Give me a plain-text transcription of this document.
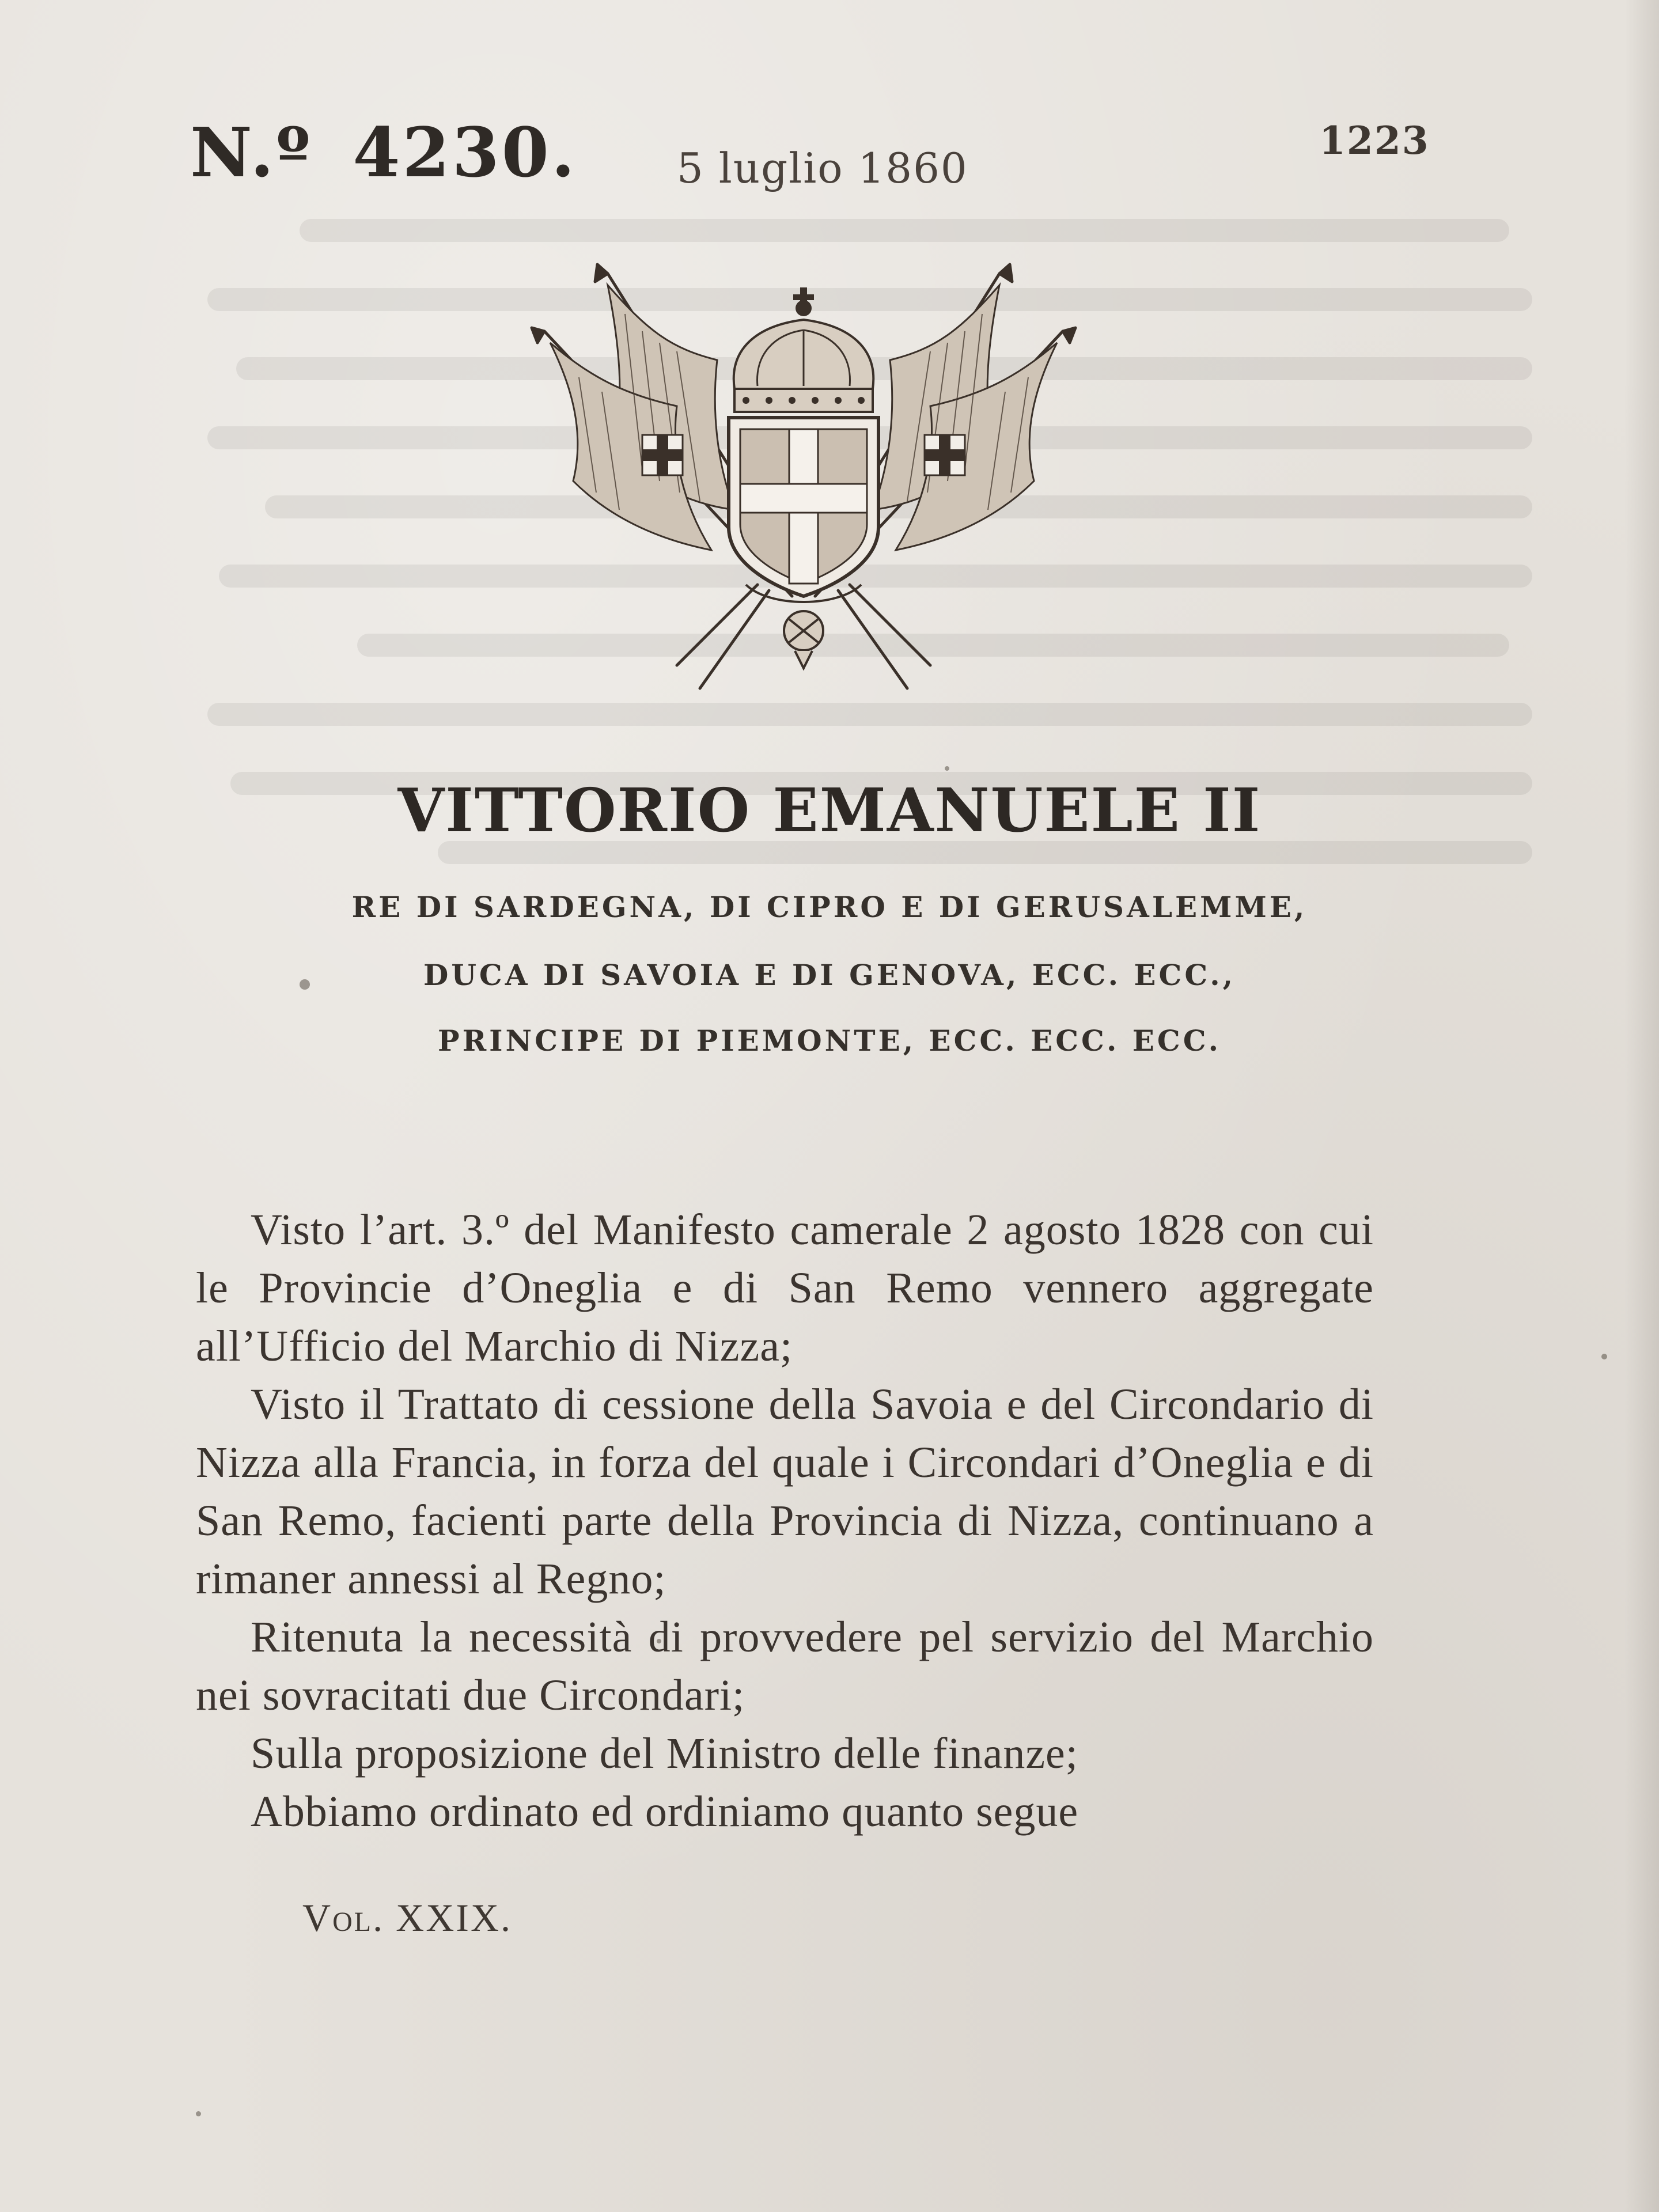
N.º 4230. 5 luglio 1860
1223
VITTORIO EMANUELE II
RE DI SARDEGNA, DI CIPRO E DI GERUSALEMME,
DUCA DI SAVOIA E DI GENOVA, ECC. ECC.,
PRINCIPE DI PIEMONTE, ECC. ECC. ECC.

Visto l’art. 3.º del Manifesto camerale 2 agosto 1828 con cui le Provincie d’Oneglia e di San Remo vennero aggregate all’Ufficio del Marchio di Nizza;

Visto il Trattato di cessione della Savoia e del Circondario di Nizza alla Francia, in forza del quale i Circondari d’Oneglia e di San Remo, facienti parte della Provincia di Nizza, continuano a rimaner annessi al Regno;

Ritenuta la necessità di provvedere pel servizio del Marchio nei sovracitati due Circondari;

Sulla proposizione del Ministro delle finanze;

Abbiamo ordinato ed ordiniamo quanto segue

Vol. XXIX.
